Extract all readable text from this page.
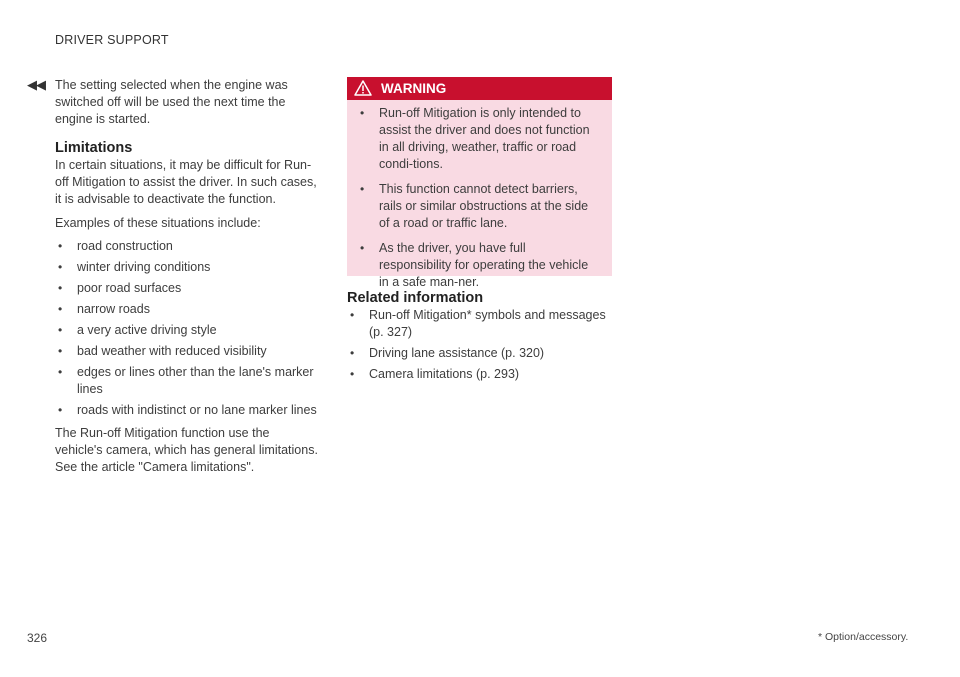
DRIVER SUPPORT
◀◀ The setting selected when the engine was switched off will be used the next time the engine is started.

Limitations

In certain situations, it may be difficult for Run-off Mitigation to assist the driver. In such cases, it is advisable to deactivate the function.

Examples of these situations include:

• road construction
• winter driving conditions
• poor road surfaces
• narrow roads
• a very active driving style
• bad weather with reduced visibility
• edges or lines other than the lane's marker lines
• roads with indistinct or no lane marker lines

The Run-off Mitigation function use the vehicle's camera, which has general limitations. See the article "Camera limitations".

WARNING
• Run-off Mitigation is only intended to assist the driver and does not function in all driving, weather, traffic or road condi-tions.
• This function cannot detect barriers, rails or similar obstructions at the side of a road or traffic lane.
• As the driver, you have full responsibility for operating the vehicle in a safe man-ner.
Related information
• Run-off Mitigation* symbols and messages (p. 327)
• Driving lane assistance (p. 320)
• Camera limitations (p. 293)
326	* Option/accessory.
